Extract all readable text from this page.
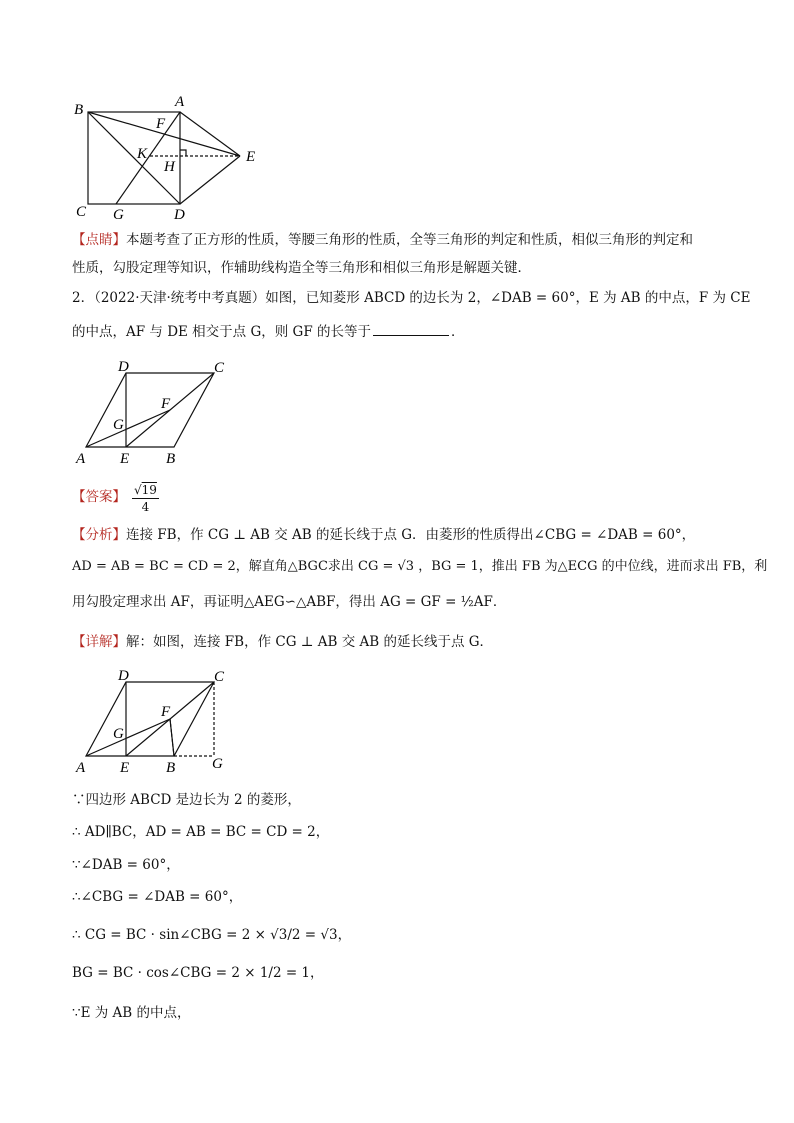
B	A
F
E
K
H
C G	D
【点睛】本题考查了正方形的性质，等腰三角形的性质，全等三角形的判定和性质，相似三角形的判定和
性质，勾股定理等知识，作辅助线构造全等三角形和相似三角形是解题关键．
2．（2022·天津·统考中考真题）如图，已知菱形 ABCD 的边长为 2，∠DAB = 60°，E 为 AB 的中点，F 为 CE
的中点，AF 与 DE 相交于点 G，则 GF 的长等于	．
D	C
F
G
A E B
【答案】 √19
4
【分析】连接 FB，作 CG ⊥ AB 交 AB 的延长线于点 G．由菱形的性质得出∠CBG = ∠DAB = 60°，
AD = AB = BC = CD = 2，解直角△BGC求出 CG = √3 ，BG = 1，推出 FB 为△ECG 的中位线，进而求出 FB，利
用勾股定理求出 AF，再证明△AEG∽△ABF，得出 AG = GF = ½AF．
【详解】解：如图，连接 FB，作 CG ⊥ AB 交 AB 的延长线于点 G．
D	C
F
G
A E B G
∵四边形 ABCD 是边长为 2 的菱形，
∴ AD∥BC，AD = AB = BC = CD = 2，
∵∠DAB = 60°，
∴∠CBG = ∠DAB = 60°，
∴ CG = BC · sin∠CBG = 2 × √3/2 = √3，
BG = BC · cos∠CBG = 2 × 1/2 = 1，
∵E 为 AB 的中点，
